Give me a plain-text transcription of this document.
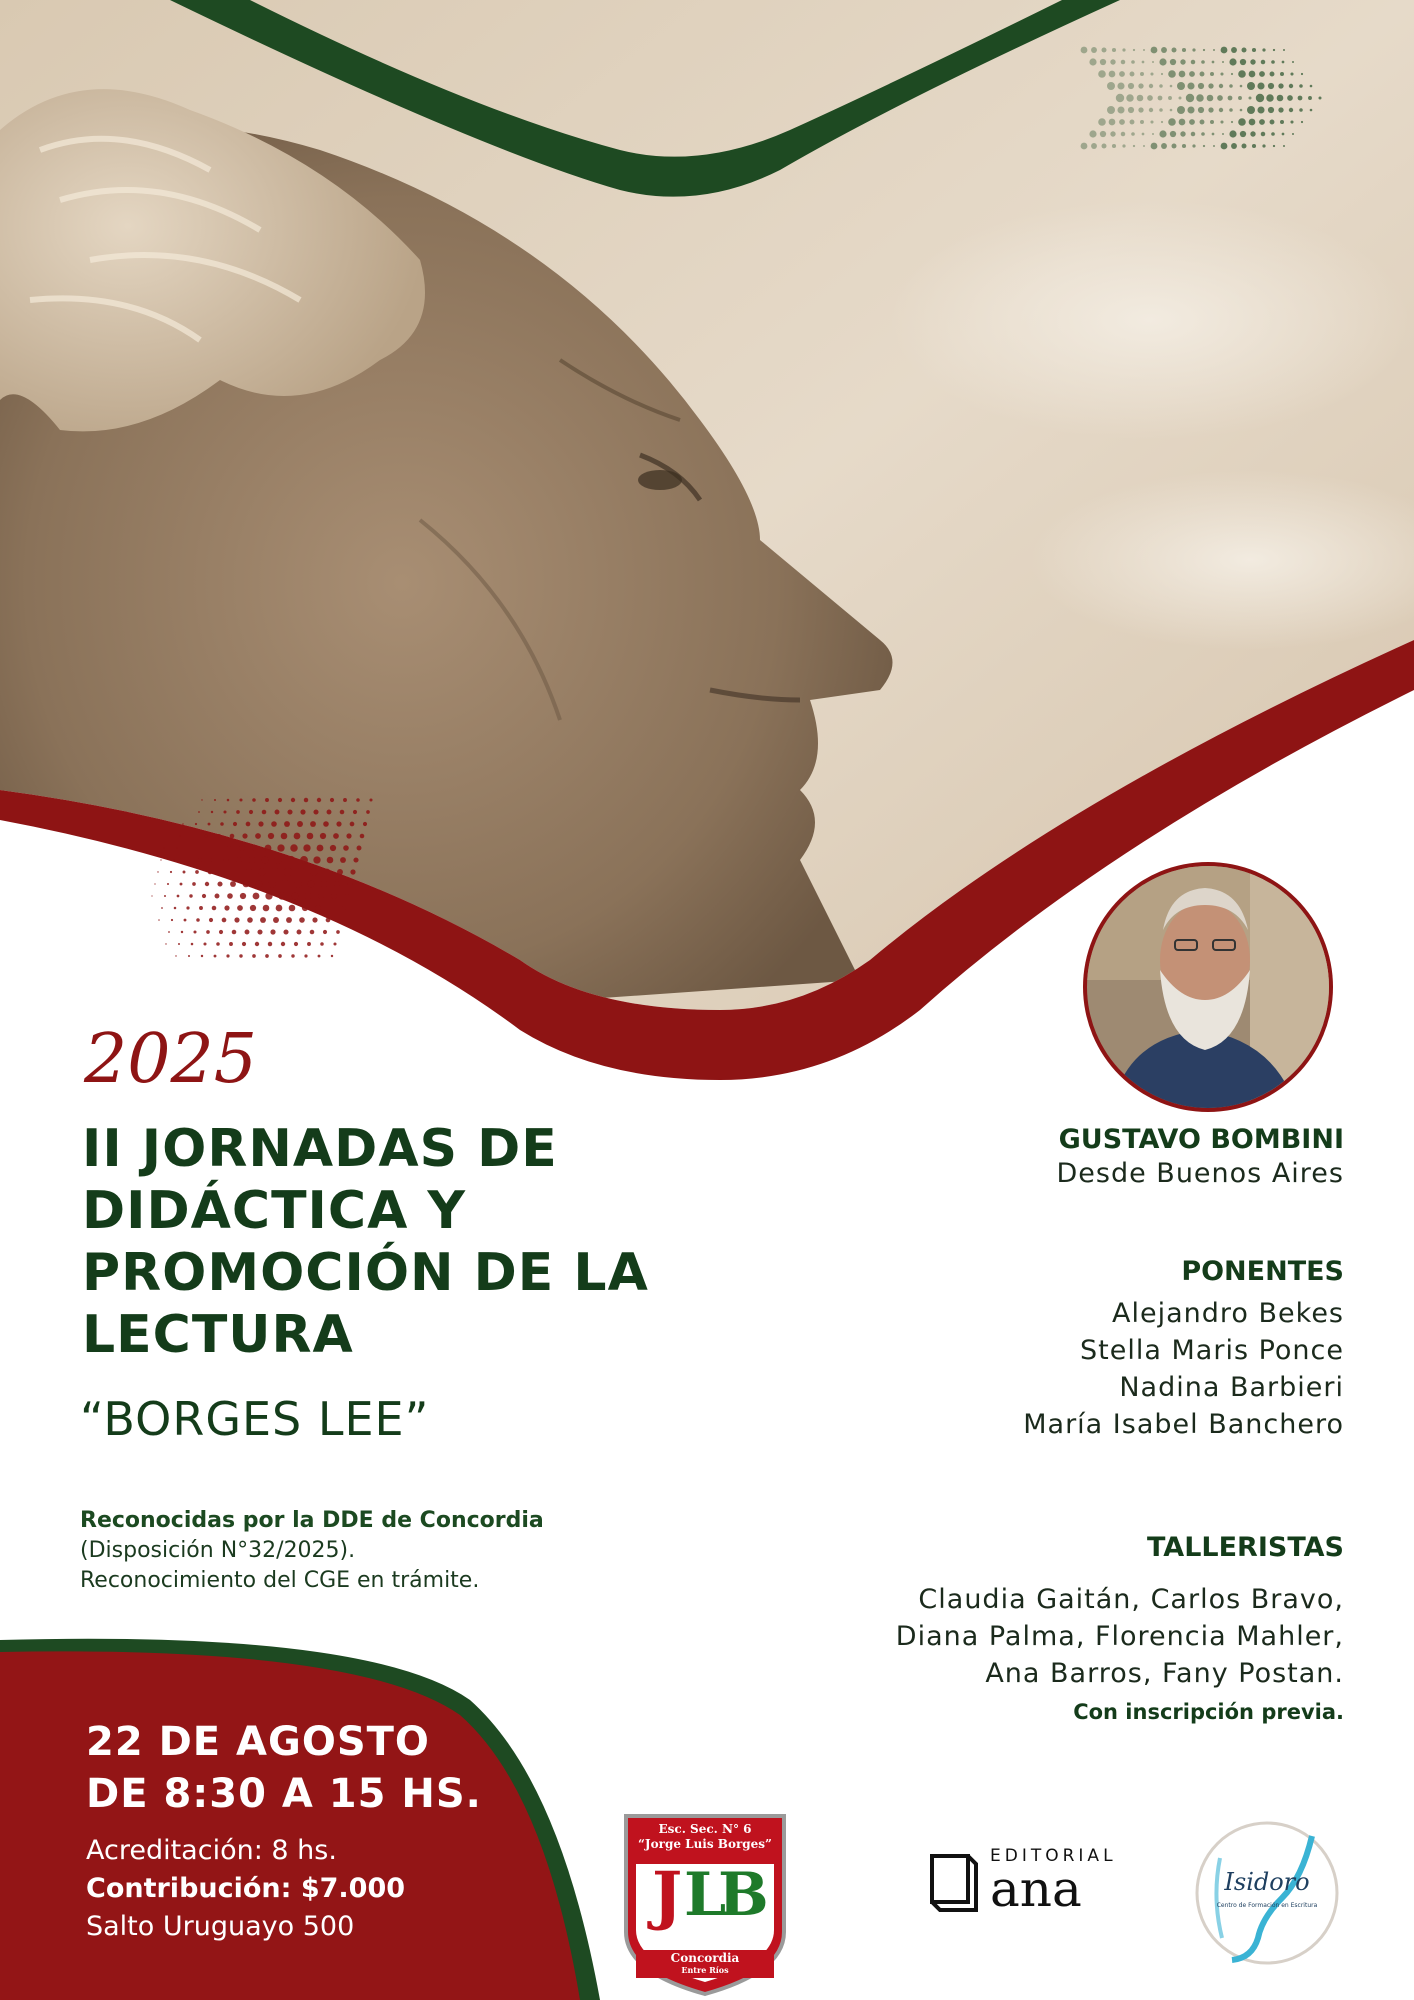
2025
II JORNADAS DE
DIDÁCTICA Y
PROMOCIÓN DE LA
LECTURA
“BORGES LEE”
Reconocidas por la DDE de Concordia
(Disposición N°32/2025).
Reconocimiento del CGE en trámite.
GUSTAVO BOMBINI
Desde Buenos Aires
PONENTES
Alejandro Bekes
Stella Maris Ponce
Nadina Barbieri
María Isabel Banchero
TALLERISTAS
Claudia Gaitán, Carlos Bravo,
Diana Palma, Florencia Mahler,
Ana Barros, Fany Postan.
Con inscripción previa.
22 DE AGOSTO
DE 8:30 A 15 HS.
Acreditación: 8 hs.
Contribución: $7.000
Salto Uruguayo 500
Esc. Sec. N° 6
“Jorge Luis Borges”
J L
B
Concordia
Entre Ríos
EDITORIAL
ana	Isidoro
Centro de Formación en Escritura
